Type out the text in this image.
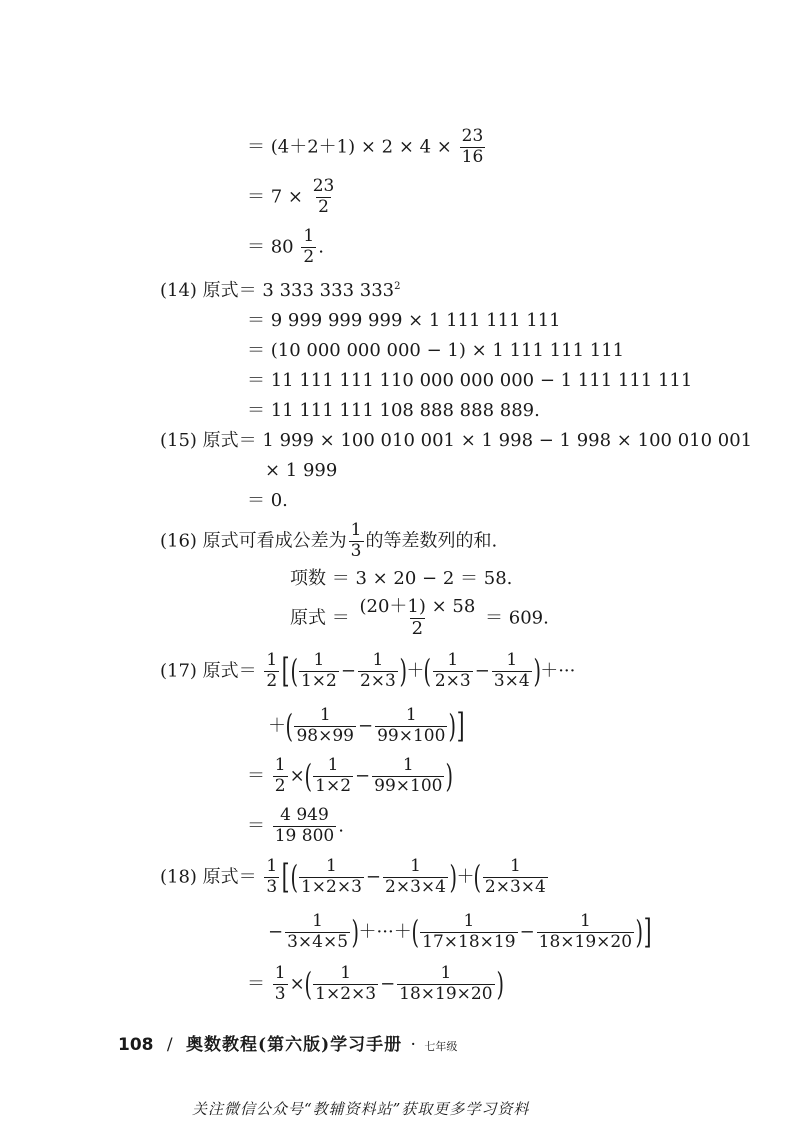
＝ $(4+2+1) \times 2 \times 4 \times \frac{23}{16}$
＝ $7 \times \frac{23}{2}$
＝ $80 \frac{1}{2}$ .
(14) 原式＝ 3 333 333 $333^2$
＝ 9 999 999 999 × 1 111 111 111
＝ (10 000 000 000 − 1) × 1 111 111 111
＝ 11 111 111 110 000 000 000 − 1 111 111 111
＝ 11 111 111 108 888 888 889.
(15) 原式＝ 1 999 × 100 010 001 × 1 998 − 1 998 × 100 010 001
× 1 999
＝ 0.
(16) 原式可看成公差为 $\frac{1}{3}$ 的等差数列的和.
项数 ＝ 3 × 20 − 2 ＝ 58.
原式 ＝ $\frac{(20+1) \times 58}{2} = 609$.
(17) 原式＝ $\frac{1}{2}$ [( $\frac{1}{1\times 2} - \frac{1}{2\times 3}$ )＋( $\frac{1}{2\times 3} - \frac{1}{3\times 4}$ )＋···
＋( $\frac{1}{98\times 99} - \frac{1}{99\times 100}$ )]
＝ $\frac{1}{2}$ ×( $\frac{1}{1\times 2} - \frac{1}{99\times 100}$ )
＝ $\frac{4 949}{19 800}$ .
(18) 原式＝ $\frac{1}{3}$ [( $\frac{1}{1\times 2\times 3} - \frac{1}{2\times 3\times 4}$ )＋( $\frac{1}{2\times 3\times 4}$
− $\frac{1}{3\times 4\times 5}$ )＋···＋( $\frac{1}{17\times 18\times 19} - \frac{1}{18\times 19\times 20}$ )]
＝ $\frac{1}{3}$ ×( $\frac{1}{1\times 2\times 3} - \frac{1}{18\times 19\times 20}$ )
108 / 奥数教程(第六版)学习手册 · 七年级
关注微信公众号“教辅资料站”获取更多学习资料
